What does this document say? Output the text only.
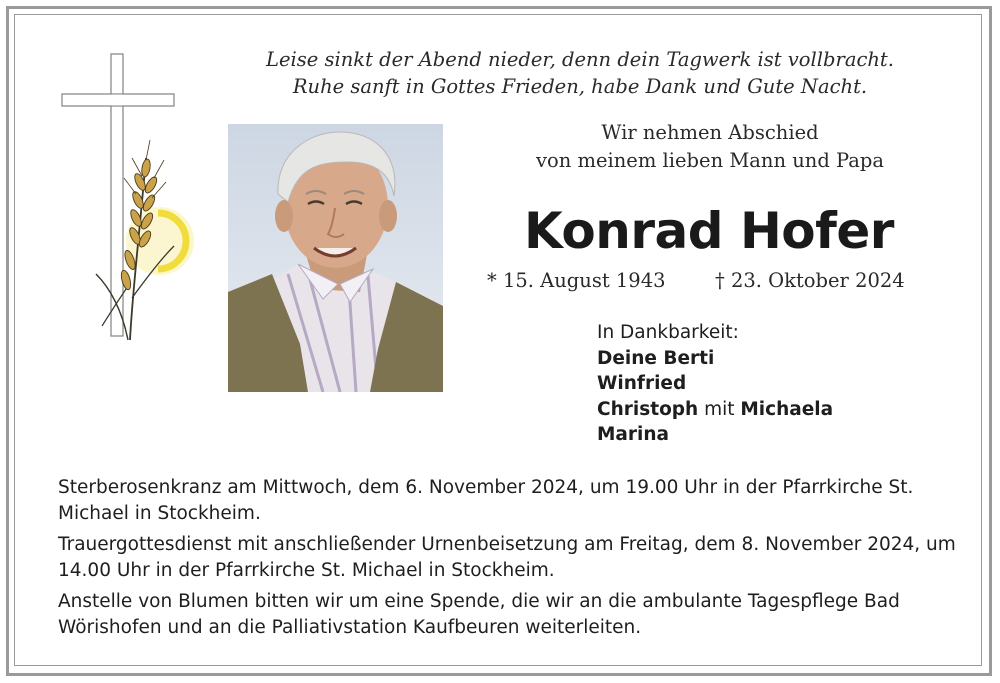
Leise sinkt der Abend nieder, denn dein Tagwerk ist vollbracht.
Ruhe sanft in Gottes Frieden, habe Dank und Gute Nacht.
Wir nehmen Abschied
von meinem lieben Mann und Papa
Konrad Hofer
* 15. August 1943	† 23. Oktober 2024
In Dankbarkeit:
Deine Berti
Winfried
Christoph mit Michaela
Marina

Sterberosenkranz am Mittwoch, dem 6. November 2024, um 19.00 Uhr in der Pfarrkirche St. Michael in Stockheim.

Trauergottesdienst mit anschließender Urnenbeisetzung am Freitag, dem 8. November 2024, um 14.00 Uhr in der Pfarrkirche St. Michael in Stockheim.

Anstelle von Blumen bitten wir um eine Spende, die wir an die ambulante Tagespflege Bad Wörishofen und an die Palliativstation Kaufbeuren weiterleiten.
